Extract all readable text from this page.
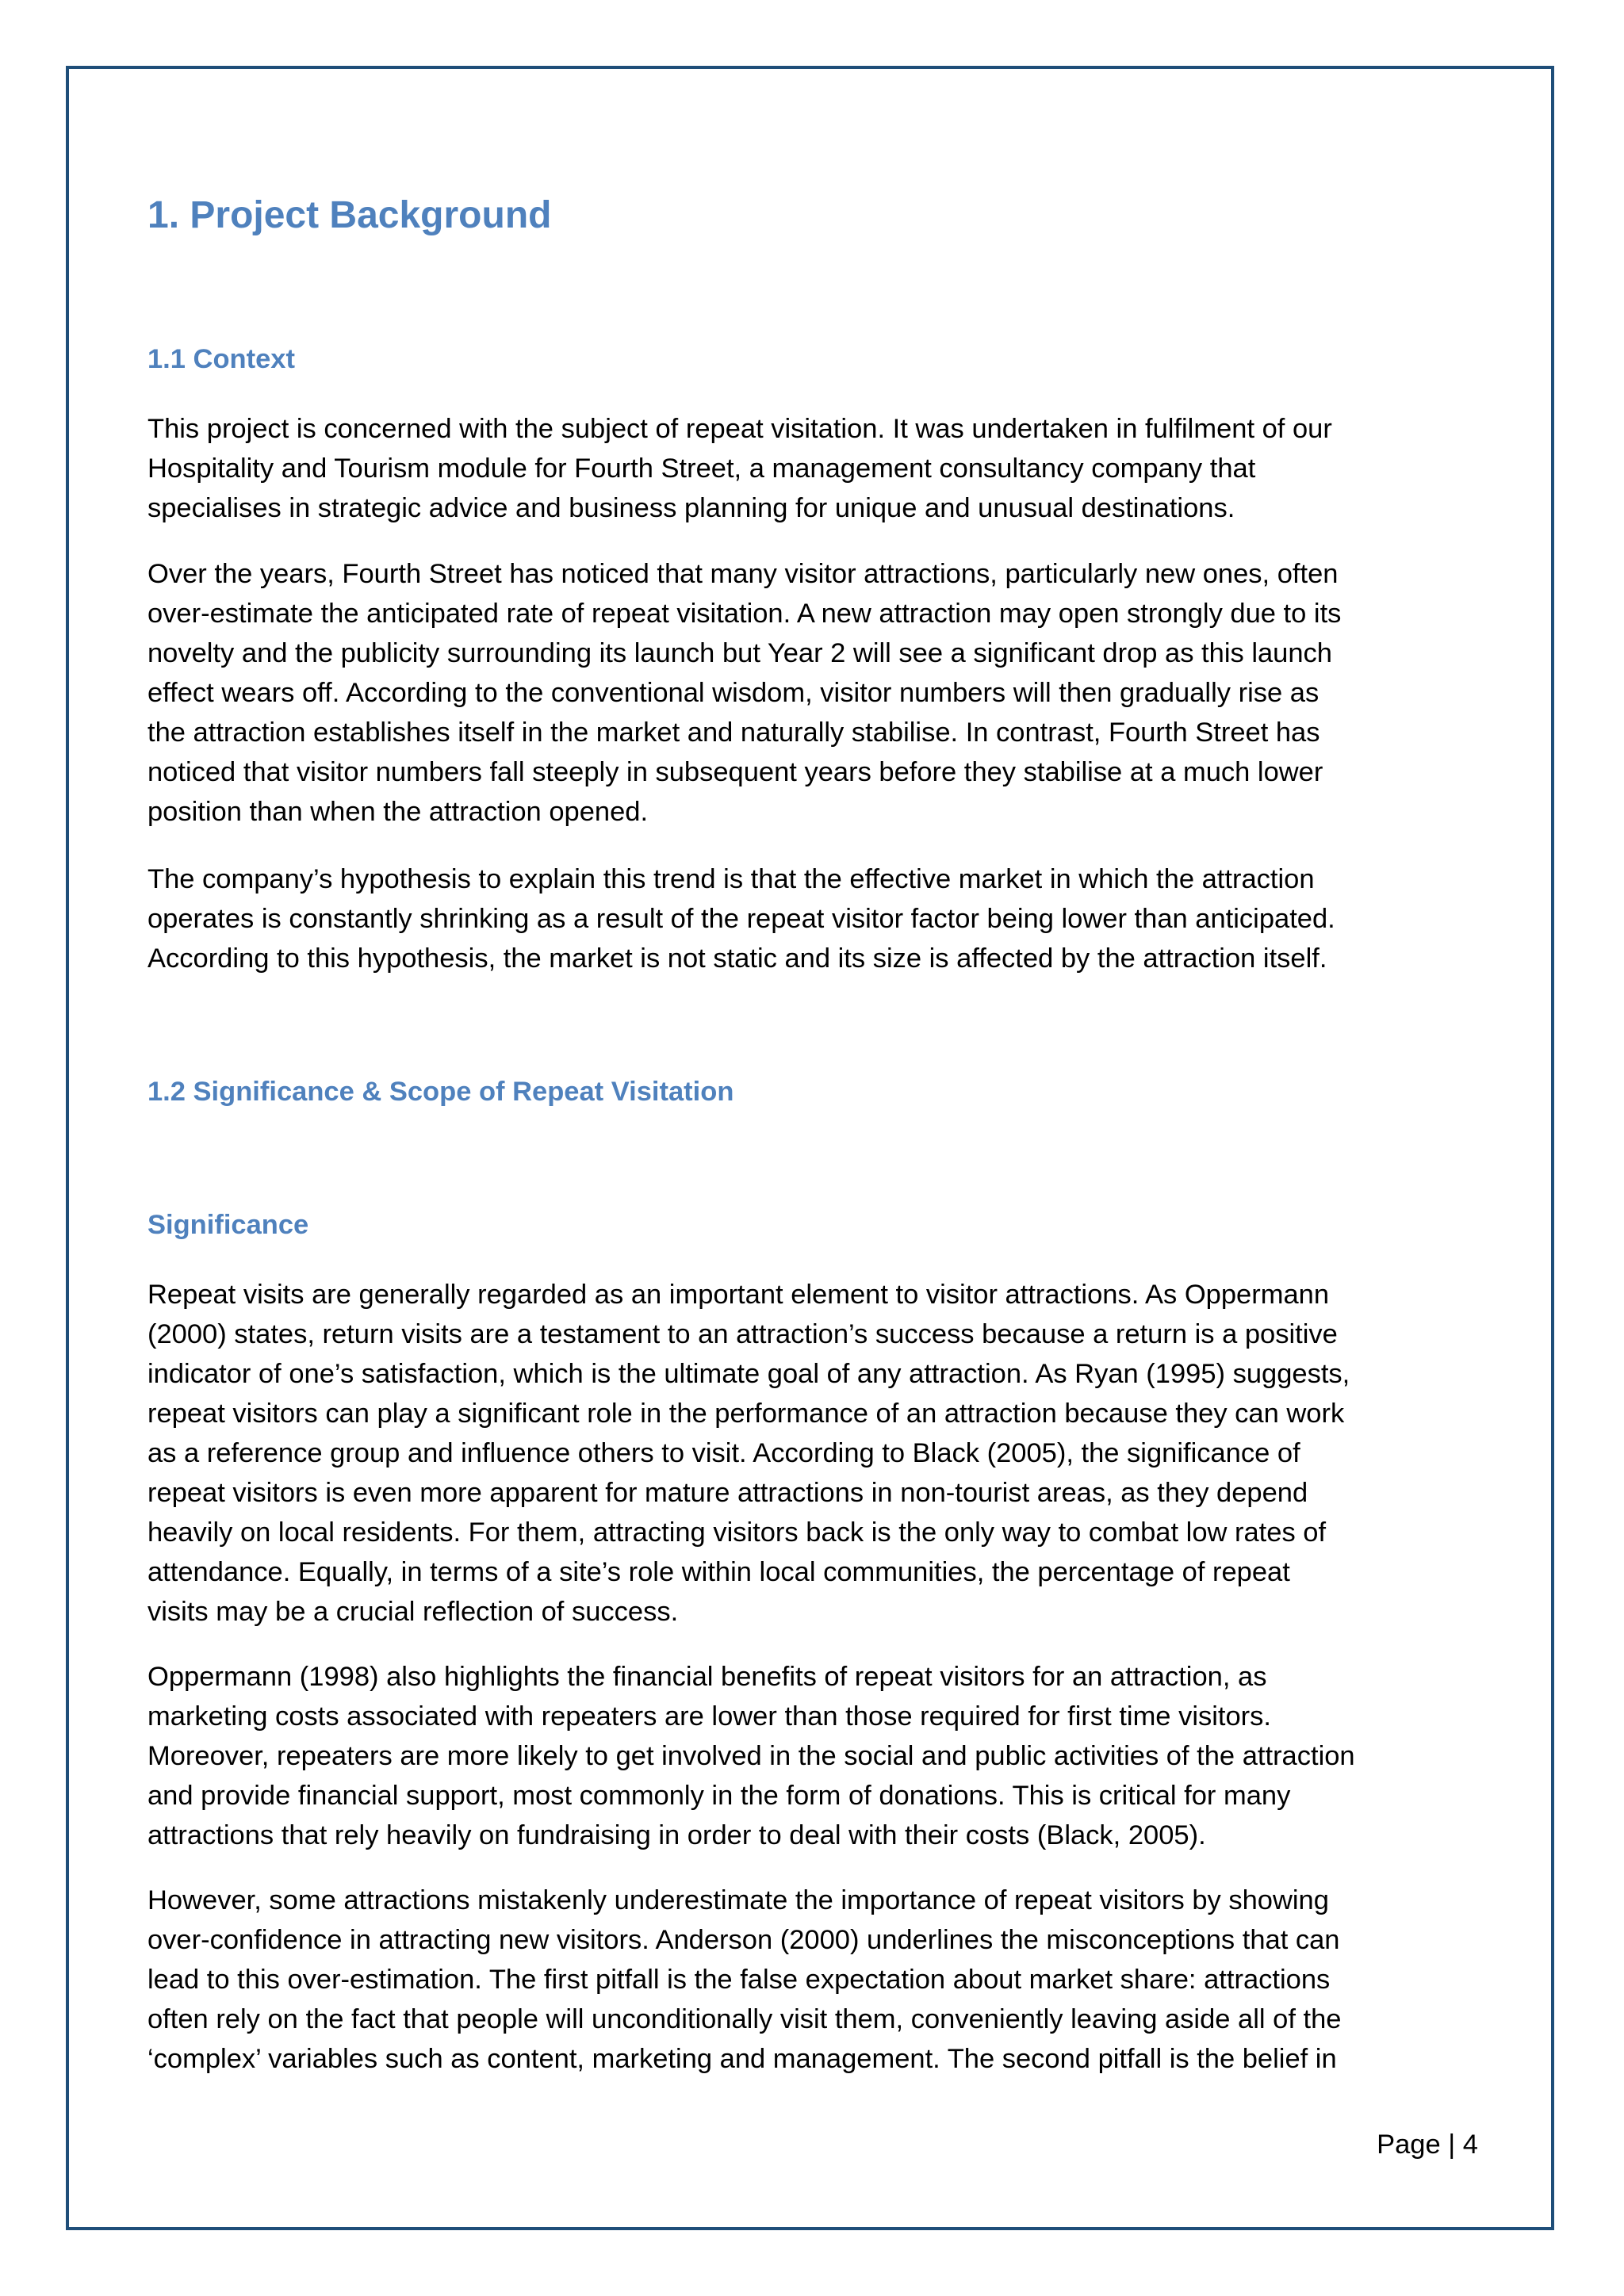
1. Project Background
1.1 Context
This project is concerned with the subject of repeat visitation. It was undertaken in fulfilment of our
Hospitality and Tourism module for Fourth Street, a management consultancy company that
specialises in strategic advice and business planning for unique and unusual destinations.
Over the years, Fourth Street has noticed that many visitor attractions, particularly new ones, often
over-estimate the anticipated rate of repeat visitation. A new attraction may open strongly due to its
novelty and the publicity surrounding its launch but Year 2 will see a significant drop as this launch
effect wears off. According to the conventional wisdom, visitor numbers will then gradually rise as
the attraction establishes itself in the market and naturally stabilise. In contrast, Fourth Street has
noticed that visitor numbers fall steeply in subsequent years before they stabilise at a much lower
position than when the attraction opened.
The company’s hypothesis to explain this trend is that the effective market in which the attraction
operates is constantly shrinking as a result of the repeat visitor factor being lower than anticipated.
According to this hypothesis, the market is not static and its size is affected by the attraction itself.
1.2 Significance & Scope of Repeat Visitation
Significance
Repeat visits are generally regarded as an important element to visitor attractions. As Oppermann
(2000) states, return visits are a testament to an attraction’s success because a return is a positive
indicator of one’s satisfaction, which is the ultimate goal of any attraction. As Ryan (1995) suggests,
repeat visitors can play a significant role in the performance of an attraction because they can work
as a reference group and influence others to visit. According to Black (2005), the significance of
repeat visitors is even more apparent for mature attractions in non-tourist areas, as they depend
heavily on local residents. For them, attracting visitors back is the only way to combat low rates of
attendance. Equally, in terms of a site’s role within local communities, the percentage of repeat
visits may be a crucial reflection of success.
Oppermann (1998) also highlights the financial benefits of repeat visitors for an attraction, as
marketing costs associated with repeaters are lower than those required for first time visitors.
Moreover, repeaters are more likely to get involved in the social and public activities of the attraction
and provide financial support, most commonly in the form of donations. This is critical for many
attractions that rely heavily on fundraising in order to deal with their costs (Black, 2005).
However, some attractions mistakenly underestimate the importance of repeat visitors by showing
over-confidence in attracting new visitors. Anderson (2000) underlines the misconceptions that can
lead to this over-estimation. The first pitfall is the false expectation about market share: attractions
often rely on the fact that people will unconditionally visit them, conveniently leaving aside all of the
‘complex’ variables such as content, marketing and management. The second pitfall is the belief in
Page | 4
